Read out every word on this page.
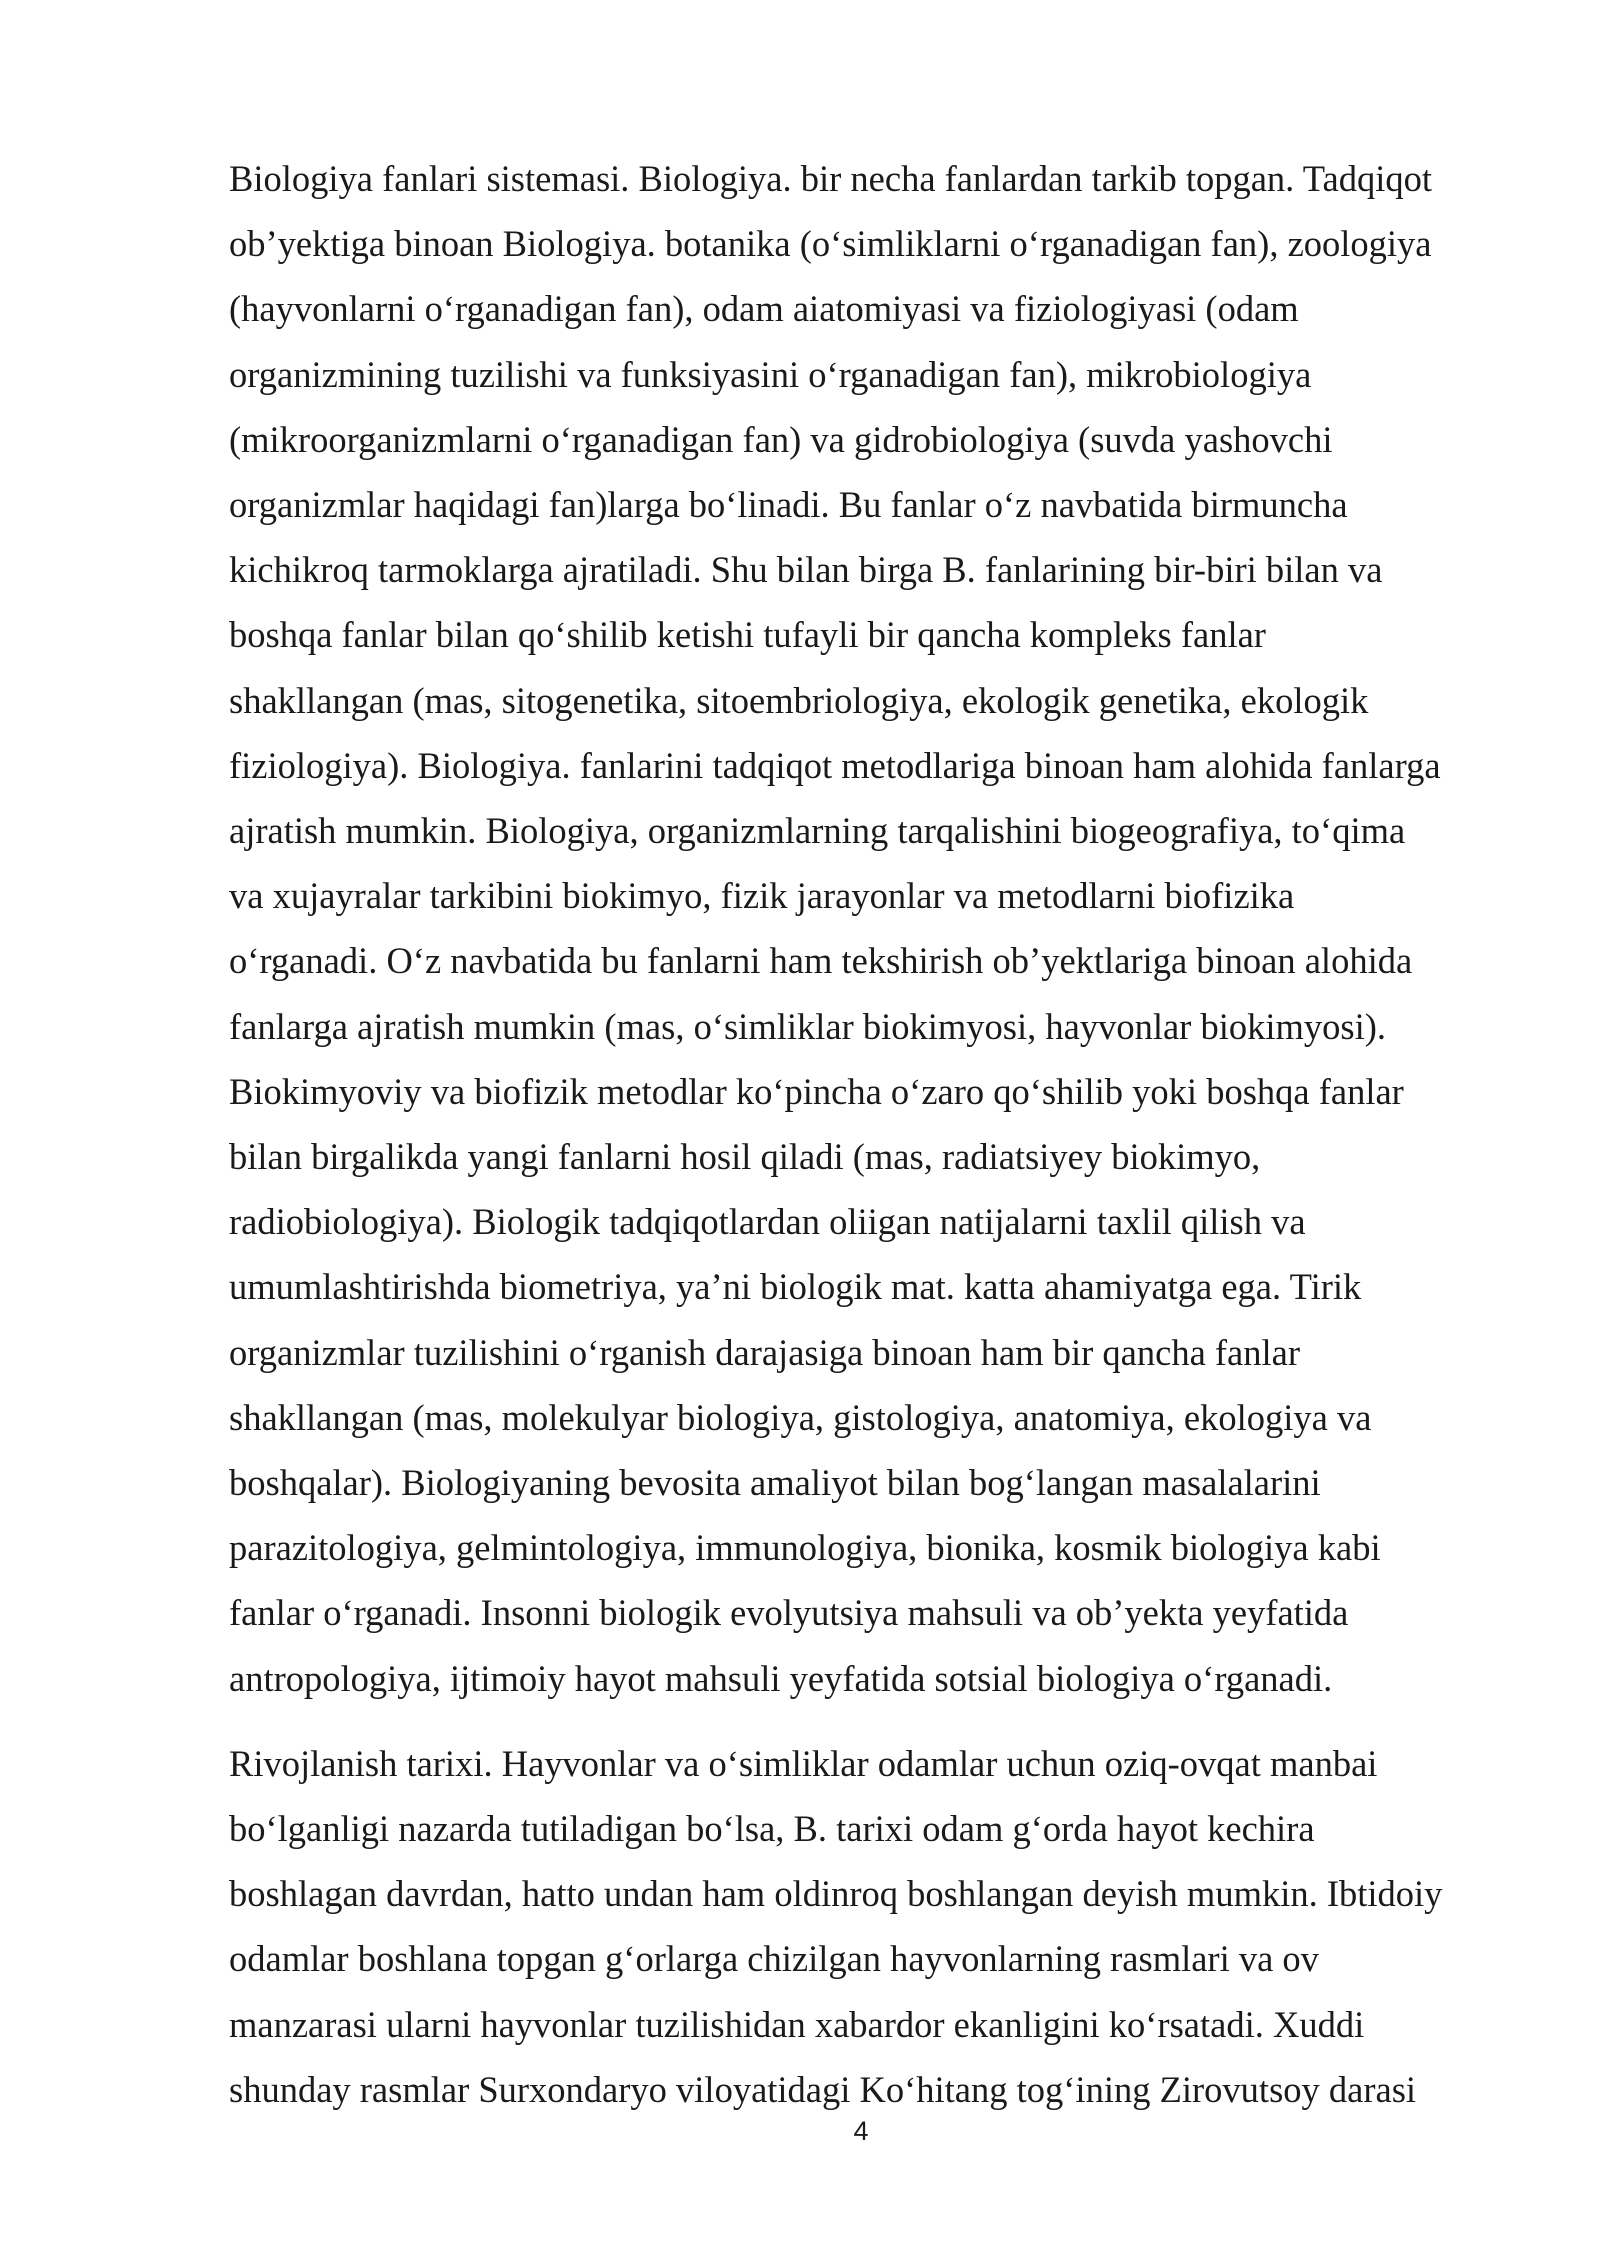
Biologiya fanlari sistemasi. Biologiya. bir necha fanlardan tarkib topgan. Tadqiqot
ob’yektiga binoan Biologiya. botanika (o‘simliklarni o‘rganadigan fan), zoologiya
(hayvonlarni o‘rganadigan fan), odam aiatomiyasi va fiziologiyasi (odam
organizmining tuzilishi va funksiyasini o‘rganadigan fan), mikrobiologiya
(mikroorganizmlarni o‘rganadigan fan) va gidrobiologiya (suvda yashovchi
organizmlar haqidagi fan)larga bo‘linadi. Bu fanlar o‘z navbatida birmuncha
kichikroq tarmoklarga ajratiladi. Shu bilan birga B. fanlarining bir-biri bilan va
boshqa fanlar bilan qo‘shilib ketishi tufayli bir qancha kompleks fanlar
shakllangan (mas, sitogenetika, sitoembriologiya, ekologik genetika, ekologik
fiziologiya). Biologiya. fanlarini tadqiqot metodlariga binoan ham alohida fanlarga
ajratish mumkin. Biologiya, organizmlarning tarqalishini biogeografiya, to‘qima
va xujayralar tarkibini biokimyo, fizik jarayonlar va metodlarni biofizika
o‘rganadi. O‘z navbatida bu fanlarni ham tekshirish ob’yektlariga binoan alohida
fanlarga ajratish mumkin (mas, o‘simliklar biokimyosi, hayvonlar biokimyosi).
Biokimyoviy va biofizik metodlar ko‘pincha o‘zaro qo‘shilib yoki boshqa fanlar
bilan birgalikda yangi fanlarni hosil qiladi (mas, radiatsiyey biokimyo,
radiobiologiya). Biologik tadqiqotlardan oliigan natijalarni taxlil qilish va
umumlashtirishda biometriya, ya’ni biologik mat. katta ahamiyatga ega. Tirik
organizmlar tuzilishini o‘rganish darajasiga binoan ham bir qancha fanlar
shakllangan (mas, molekulyar biologiya, gistologiya, anatomiya, ekologiya va
boshqalar). Biologiyaning bevosita amaliyot bilan bog‘langan masalalarini
parazitologiya, gelmintologiya, immunologiya, bionika, kosmik biologiya kabi
fanlar o‘rganadi. Insonni biologik evolyutsiya mahsuli va ob’yekta yeyfatida
antropologiya, ijtimoiy hayot mahsuli yeyfatida sotsial biologiya o‘rganadi.

Rivojlanish tarixi. Hayvonlar va o‘simliklar odamlar uchun oziq-ovqat manbai
bo‘lganligi nazarda tutiladigan bo‘lsa, B. tarixi odam g‘orda hayot kechira
boshlagan davrdan, hatto undan ham oldinroq boshlangan deyish mumkin. Ibtidoiy
odamlar boshlana topgan g‘orlarga chizilgan hayvonlarning rasmlari va ov
manzarasi ularni hayvonlar tuzilishidan xabardor ekanligini ko‘rsatadi. Xuddi
shunday rasmlar Surxondaryo viloyatidagi Ko‘hitang tog‘ining Zirovutsoy darasi

4
